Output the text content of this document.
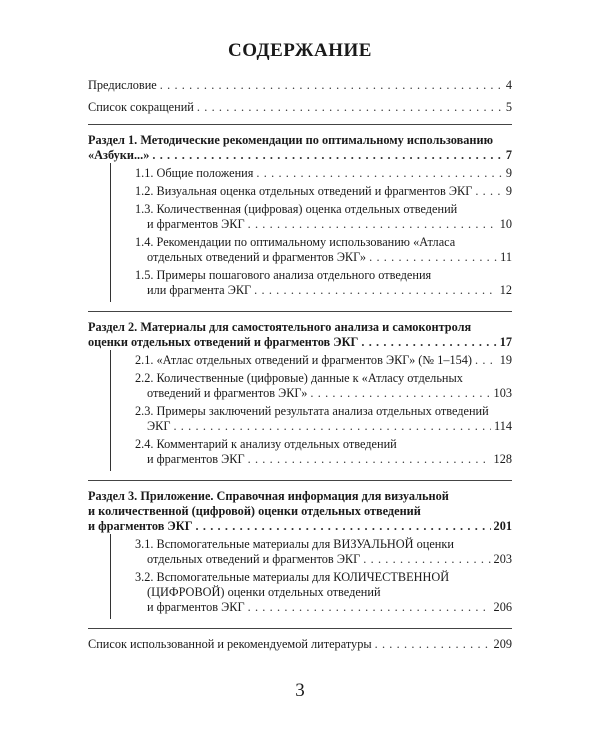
СОДЕРЖАНИЕ
Предисловие . . .	4
Список сокращений . . .	5
Раздел 1. Методические рекомендации по оптимальному использованию
«Азбуки...» . . .	7
1.1. Общие положения . . .	9
1.2. Визуальная оценка отдельных отведений и фрагментов ЭКГ . . .	9
1.3. Количественная (цифровая) оценка отдельных отведений
и фрагментов ЭКГ . . .	10
1.4. Рекомендации по оптимальному использованию «Атласа
отдельных отведений и фрагментов ЭКГ» . . .	11
1.5. Примеры пошагового анализа отдельного отведения
или фрагмента ЭКГ . . .	12
Раздел 2. Материалы для самостоятельного анализа и самоконтроля
оценки отдельных отведений и фрагментов ЭКГ . . .	17
2.1. «Атлас отдельных отведений и фрагментов ЭКГ» (№ 1–154) . . . 19
2.2. Количественные (цифровые) данные к «Атласу отдельных
отведений и фрагментов ЭКГ» . . .	103
2.3. Примеры заключений результата анализа отдельных отведений
ЭКГ . . .	114
2.4. Комментарий к анализу отдельных отведений
и фрагментов ЭКГ . . .	128
Раздел 3. Приложение. Справочная информация для визуальной
и количественной (цифровой) оценки отдельных отведений
и фрагментов ЭКГ . . .	201
3.1. Вспомогательные материалы для ВИЗУАЛЬНОЙ оценки
отдельных отведений и фрагментов ЭКГ . . .	203
3.2. Вспомогательные материалы для КОЛИЧЕСТВЕННОЙ
(ЦИФРОВОЙ) оценки отдельных отведений
и фрагментов ЭКГ . . .	206
Список использованной и рекомендуемой литературы . . .	209
3
